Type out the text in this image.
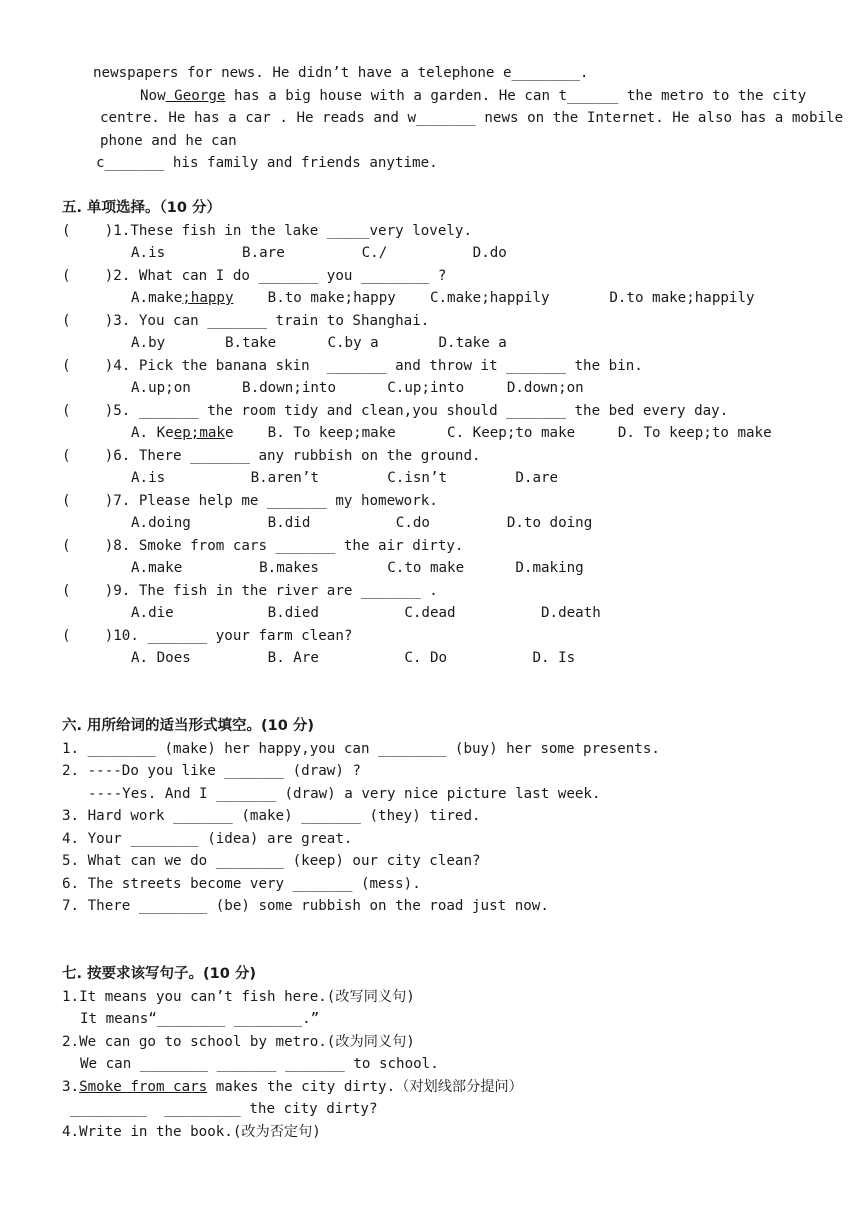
newspapers for news. He didn’t have a telephone e________.
Now George has a big house with a garden. He can t______ the metro to the city
centre. He has a car . He reads and w_______ news on the Internet. He also has a mobile
phone and he can
c_______ his family and friends anytime.
五. 单项选择。（10 分）
(    )1.These fish in the lake _____very lovely.
A.is         B.are         C./          D.do
(    )2. What can I do _______ you ________ ?
A.make;happy    B.to make;happy    C.make;happily       D.to make;happily
(    )3. You can _______ train to Shanghai.
A.by       B.take      C.by a       D.take a
(    )4. Pick the banana skin  _______ and throw it _______ the bin.
A.up;on      B.down;into      C.up;into     D.down;on
(    )5. _______ the room tidy and clean,you should _______ the bed every day.
A. Keep;make    B. To keep;make      C. Keep;to make     D. To keep;to make
(    )6. There _______ any rubbish on the ground.
A.is          B.aren’t        C.isn’t        D.are
(    )7. Please help me _______ my homework.
A.doing         B.did          C.do         D.to doing
(    )8. Smoke from cars _______ the air dirty.
A.make         B.makes        C.to make      D.making
(    )9. The fish in the river are _______ .
A.die           B.died          C.dead          D.death
(    )10. _______ your farm clean?
A. Does         B. Are          C. Do          D. Is
六. 用所给词的适当形式填空。(10 分)
1. ________ (make) her happy,you can ________ (buy) her some presents.
2. ----Do you like _______ (draw) ?
----Yes. And I _______ (draw) a very nice picture last week.
3. Hard work _______ (make) _______ (they) tired.
4. Your ________ (idea) are great.
5. What can we do ________ (keep) our city clean?
6. The streets become very _______ (mess).
7. There ________ (be) some rubbish on the road just now.
七. 按要求该写句子。(10 分)
1.It means you can’t fish here.(改写同义句)
It means“________ ________.”
2.We can go to school by metro.(改为同义句)
We can ________ _______ _______ to school.
3.Smoke from cars makes the city dirty.（对划线部分提问）
_________  _________ the city dirty?
4.Write in the book.(改为否定句)
